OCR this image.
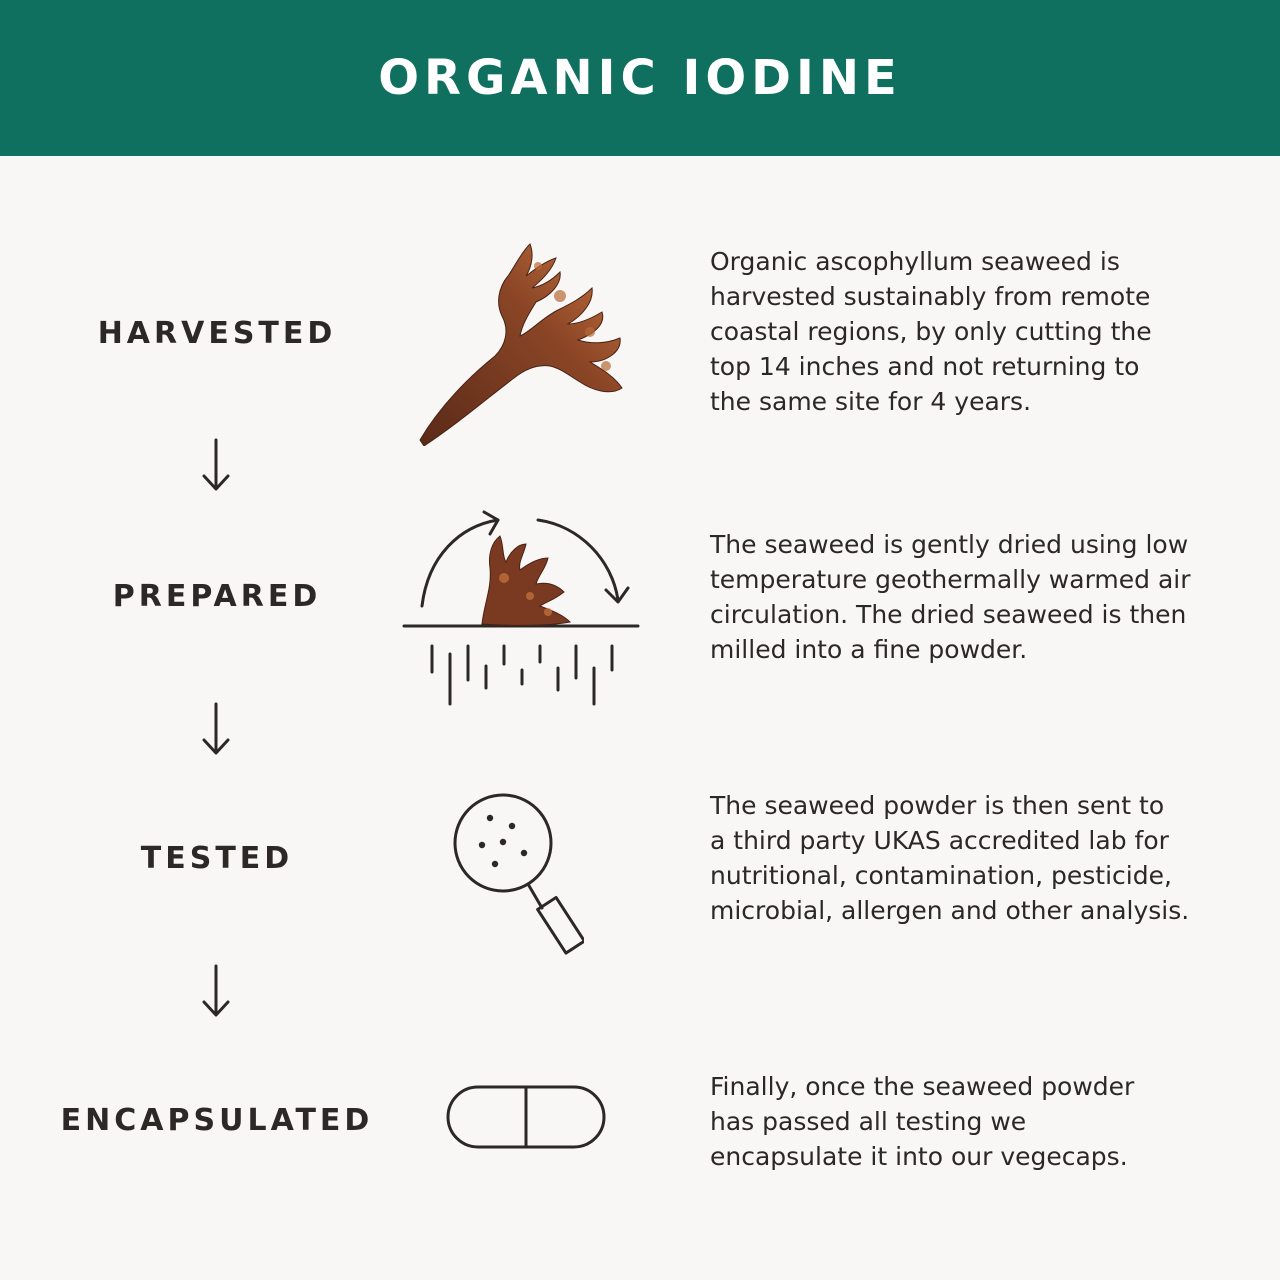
ORGANIC IODINE
HARVESTED

Organic ascophyllum seaweed is
harvested sustainably from remote
coastal regions, by only cutting the
top 14 inches and not returning to
the same site for 4 years.

PREPARED

The seaweed is gently dried using low
temperature geothermally warmed air
circulation. The dried seaweed is then
milled into a fine powder.

TESTED

The seaweed powder is then sent to
a third party UKAS accredited lab for
nutritional, contamination, pesticide,
microbial, allergen and other analysis.

ENCAPSULATED

Finally, once the seaweed powder
has passed all testing we
encapsulate it into our vegecaps.
